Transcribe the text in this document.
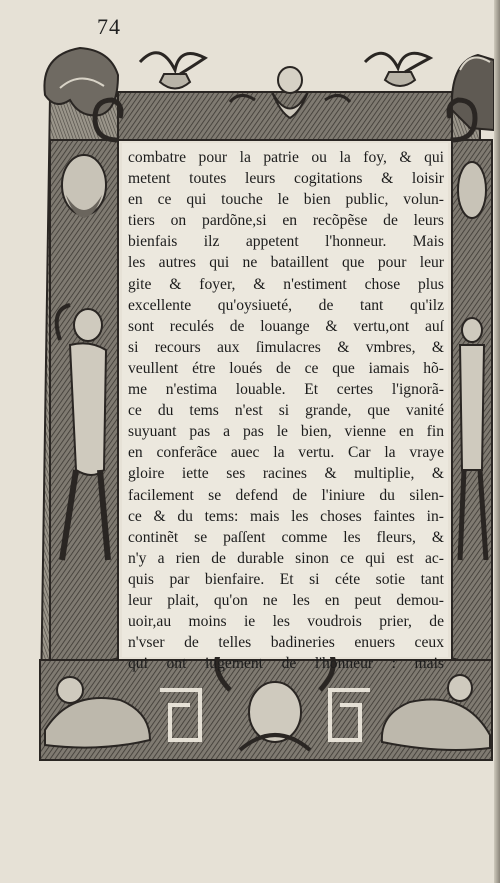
74
combatre pour la patrie ou la foy, & qui
metent toutes leurs cogitations & loisir
en ce qui touche le bien public, volun-
tiers on pardõne,si en recõpẽse de leurs
bienfais ilz appetent l'honneur. Mais
les autres qui ne bataillent que pour leur
gite & foyer, & n'estiment chose plus
excellente qu'oysiueté, de tant qu'ilz
sont reculés de louange & vertu,ont auſ
si recours aux ſimulacres & vmbres, &
veullent étre loués de ce que iamais hõ-
me n'estima louable. Et certes l'ignorã-
ce du tems n'est si grande, que vanité
suyuant pas a pas le bien, vienne en fin
en conferãce auec la vertu. Car la vraye
gloire iette ses racines & multiplie, &
facilement se defend de l'iniure du silen-
ce & du tems: mais les choses faintes in-
continẽt se paſſent comme les fleurs, &
n'y a rien de durable sinon ce qui est ac-
quis par bienfaire. Et si céte sotie tant
leur plait, qu'on ne les en peut demou-
uoir,au moins ie les voudrois prier, de
n'vser de telles badineries enuers ceux
qui ont iugement de l'honneur : mais
